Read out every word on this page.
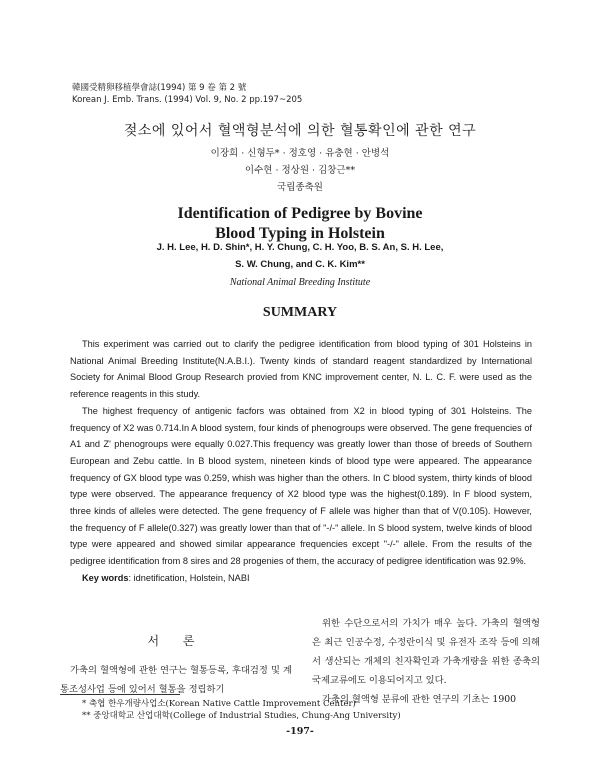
韓國受精卵移植學會誌(1994) 第 9 卷 第 2 號
Korean J. Emb. Trans. (1994) Vol. 9, No. 2 pp.197~205
젖소에 있어서 혈액형분석에 의한 혈통확인에 관한 연구
이장희 · 신형두* · 정호영 · 유충현 · 안병석
이수현 · 정상원 · 김창근**
국립종축원
Identification of Pedigree by Bovine
Blood Typing in Holstein
J. H. Lee, H. D. Shin*, H. Y. Chung, C. H. Yoo, B. S. An, S. H. Lee,
S. W. Chung, and C. K. Kim**
National Animal Breeding Institute
SUMMARY

This experiment was carried out to clarify the pedigree identification from blood typing of 301 Holsteins in National Animal Breeding Institute(N.A.B.I.). Twenty kinds of standard reagent standardized by International Society for Animal Blood Group Research provied from KNC improvement center, N. L. C. F. were used as the reference reagents in this study.

The highest frequency of antigenic facfors was obtained from X2 in blood typing of 301 Holsteins. The frequency of X2 was 0.714.In A blood system, four kinds of phenogroups were observed. The gene frequencies of A1 and Z' phenogroups were equally 0.027.This frequency was greatly lower than those of breeds of Southern European and Zebu cattle. In B blood system, nineteen kinds of blood type were appeared. The appearance frequency of GX blood type was 0.259, whish was higher than the others. In C blood system, thirty kinds of blood type were observed. The appearance frequency of X2 blood type was the highest(0.189). In F blood system, three kinds of alleles were detected. The gene frequency of F allele was higher than that of V(0.105). However, the frequency of F allele(0.327) was greatly lower than that of "-/-" allele. In S blood system, twelve kinds of blood type were appeared and showed similar appearance frequencies except "-/-" allele. From the results of the pedigree identification from 8 sires and 28 progenies of them, the accuracy of pedigree identification was 92.9%.

Key words: idnetification, Holstein, NABI

서 론

가축의 혈액형에 관한 연구는 혈통등록, 후대검정 및 계통조성사업 등에 있어서 혈통을 정립하기

위한 수단으로서의 가치가 매우 높다. 가축의 혈액형은 최근 인공수정, 수정란이식 및 유전자 조작 등에 의해서 생산되는 개체의 친자확인과 가축개량을 위한 종축의 국제교류에도 이용되어지고 있다.

가축의 혈액형 분류에 관한 연구의 기초는 1900

* 축협 한우개량사업소(Korean Native Cattle Improvement Center)
** 중앙대학교 산업대학(College of Industrial Studies, Chung-Ang University)
-197-
